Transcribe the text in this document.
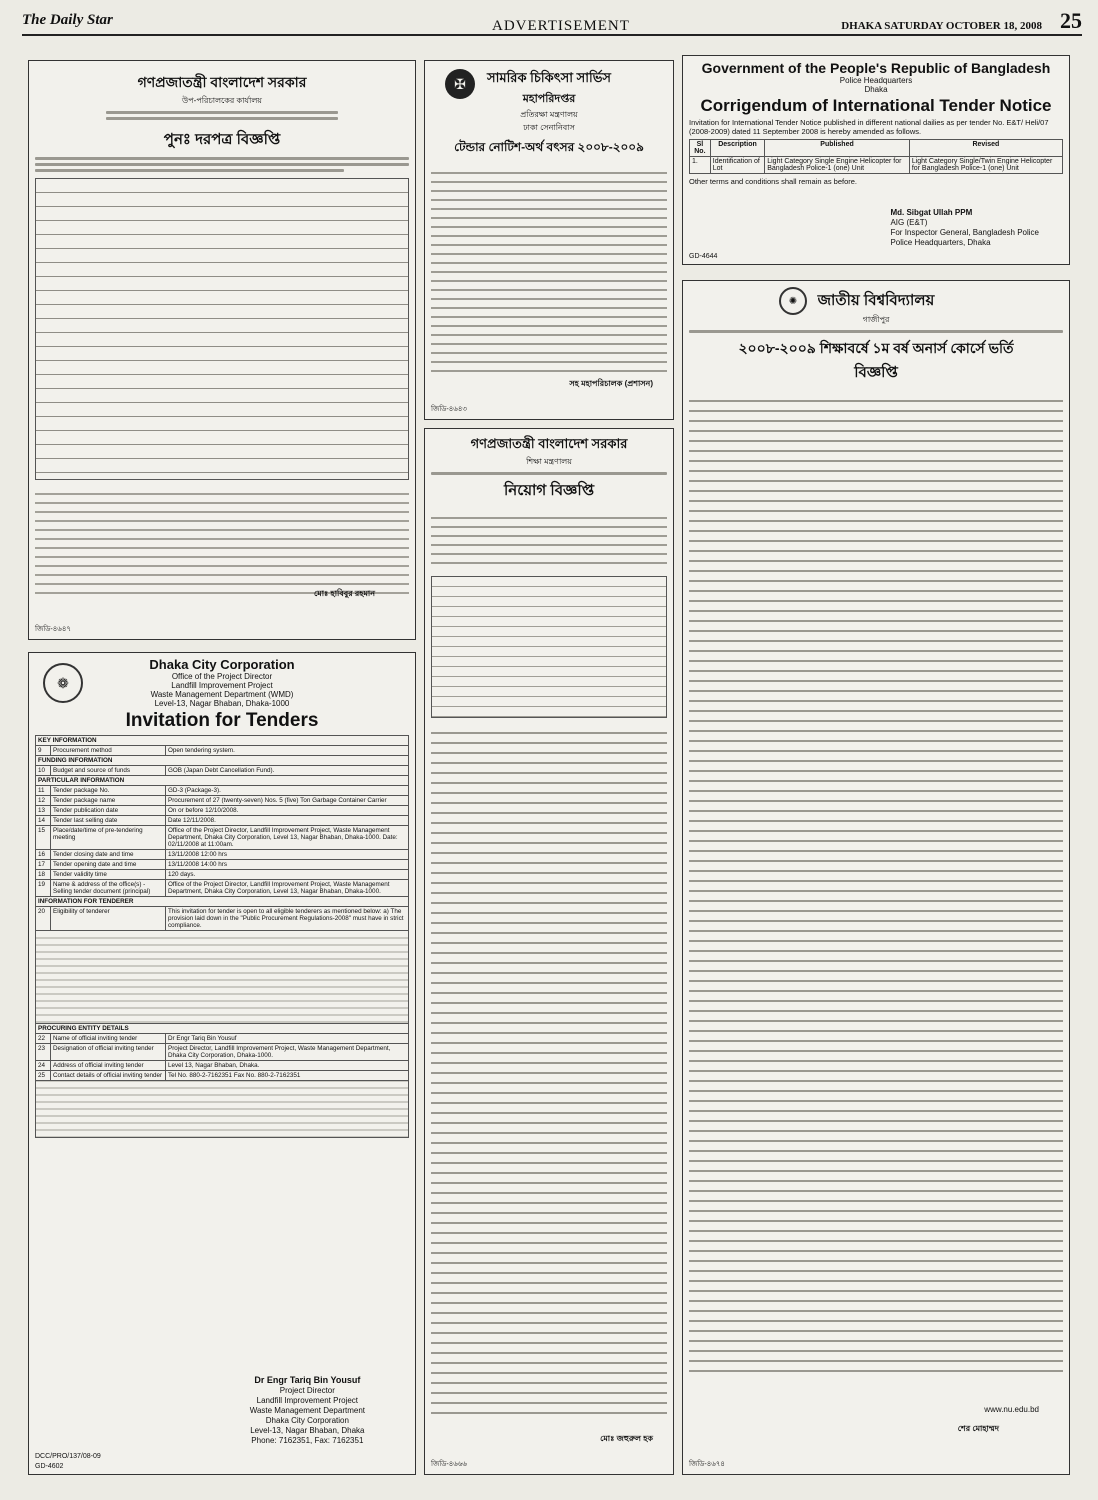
The Daily Star	ADVERTISEMENT	DHAKA SATURDAY OCTOBER 18, 2008 25
গণপ্রজাতন্ত্রী বাংলাদেশ সরকার
উপ-পরিচালকের কার্যালয়
পুনঃ দরপত্র বিজ্ঞপ্তি
মোঃ হাবিবুর রহমান
জিডি-৪৬৪৭
✠	সামরিক চিকিৎসা সার্ভিস
মহাপরিদপ্তর
প্রতিরক্ষা মন্ত্রণালয়
ঢাকা সেনানিবাস
টেন্ডার নোটিশ-অর্থ বৎসর ২০০৮-২০০৯
সহ মহাপরিচালক (প্রশাসন)
জিডি-৪৬৪৩
Government of the People's Republic of Bangladesh
Police Headquarters
Dhaka
Corrigendum of International Tender Notice
Invitation for International Tender Notice published in different national dailies as per tender No. E&T/ Heli/07 (2008-2009) dated 11 September 2008 is hereby amended as follows.
Sl No.	Description	Published	Revised
1.	Identification of Lot	Light Category Single Engine Helicopter for Bangladesh Police-1 (one) Unit	Light Category Single/Twin Engine Helicopter for Bangladesh Police-1 (one) Unit
Other terms and conditions shall remain as before.
Md. Sibgat Ullah PPM
AIG (E&T)
For Inspector General, Bangladesh Police
Police Headquarters, Dhaka
GD-4644
✺	জাতীয় বিশ্ববিদ্যালয়
গাজীপুর
২০০৮-২০০৯ শিক্ষাবর্ষে ১ম বর্ষ অনার্স কোর্সে ভর্তি
বিজ্ঞপ্তি
www.nu.edu.bd
শের মোহাম্মদ
জিডি-৪৬৭৪
গণপ্রজাতন্ত্রী বাংলাদেশ সরকার
শিক্ষা মন্ত্রণালয়
নিয়োগ বিজ্ঞপ্তি
মোঃ জহুরুল হক
জিডি-৪৬৬৬
❁
Dhaka City Corporation
Office of the Project Director
Landfill Improvement Project
Waste Management Department (WMD)
Level-13, Nagar Bhaban, Dhaka-1000
Invitation for Tenders
KEY INFORMATION		
9	Procurement method	Open tendering system.
FUNDING INFORMATION		
10	Budget and source of funds	GOB (Japan Debt Cancellation Fund).
PARTICULAR INFORMATION		
11	Tender package No.	GD-3 (Package-3).
12	Tender package name	Procurement of 27 (twenty-seven) Nos. 5 (five) Ton Garbage Container Carrier
13	Tender publication date	On or before 12/10/2008.
14	Tender last selling date	Date 12/11/2008.
15	Place/date/time of pre-tendering meeting	Office of the Project Director, Landfill Improvement Project, Waste Management Department, Dhaka City Corporation, Level 13, Nagar Bhaban, Dhaka-1000. Date: 02/11/2008 at 11:00am.
16	Tender closing date and time	13/11/2008 12:00 hrs
17	Tender opening date and time	13/11/2008 14:00 hrs
18	Tender validity time	120 days.
19	Name & address of the office(s) -Selling tender document (principal)	Office of the Project Director, Landfill Improvement Project, Waste Management Department, Dhaka City Corporation, Level 13, Nagar Bhaban, Dhaka-1000.
INFORMATION FOR TENDERER		
20	Eligibility of tenderer	This invitation for tender is open to all eligible tenderers as mentioned below: a) The provision laid down in the "Public Procurement Regulations-2008" must have in strict compliance.

PROCURING ENTITY DETAILS		
22	Name of official inviting tender	Dr Engr Tariq Bin Yousuf
23	Designation of official inviting tender	Project Director, Landfill Improvement Project, Waste Management Department, Dhaka City Corporation, Dhaka-1000.
24	Address of official inviting tender	Level 13, Nagar Bhaban, Dhaka.
25	Contact details of official inviting tender	Tel No. 880-2-7162351 Fax No. 880-2-7162351

Dr Engr Tariq Bin Yousuf
Project Director
Landfill Improvement Project
Waste Management Department
Dhaka City Corporation
Level-13, Nagar Bhaban, Dhaka
Phone: 7162351, Fax: 7162351
DCC/PRO/137/08-09
GD-4602
